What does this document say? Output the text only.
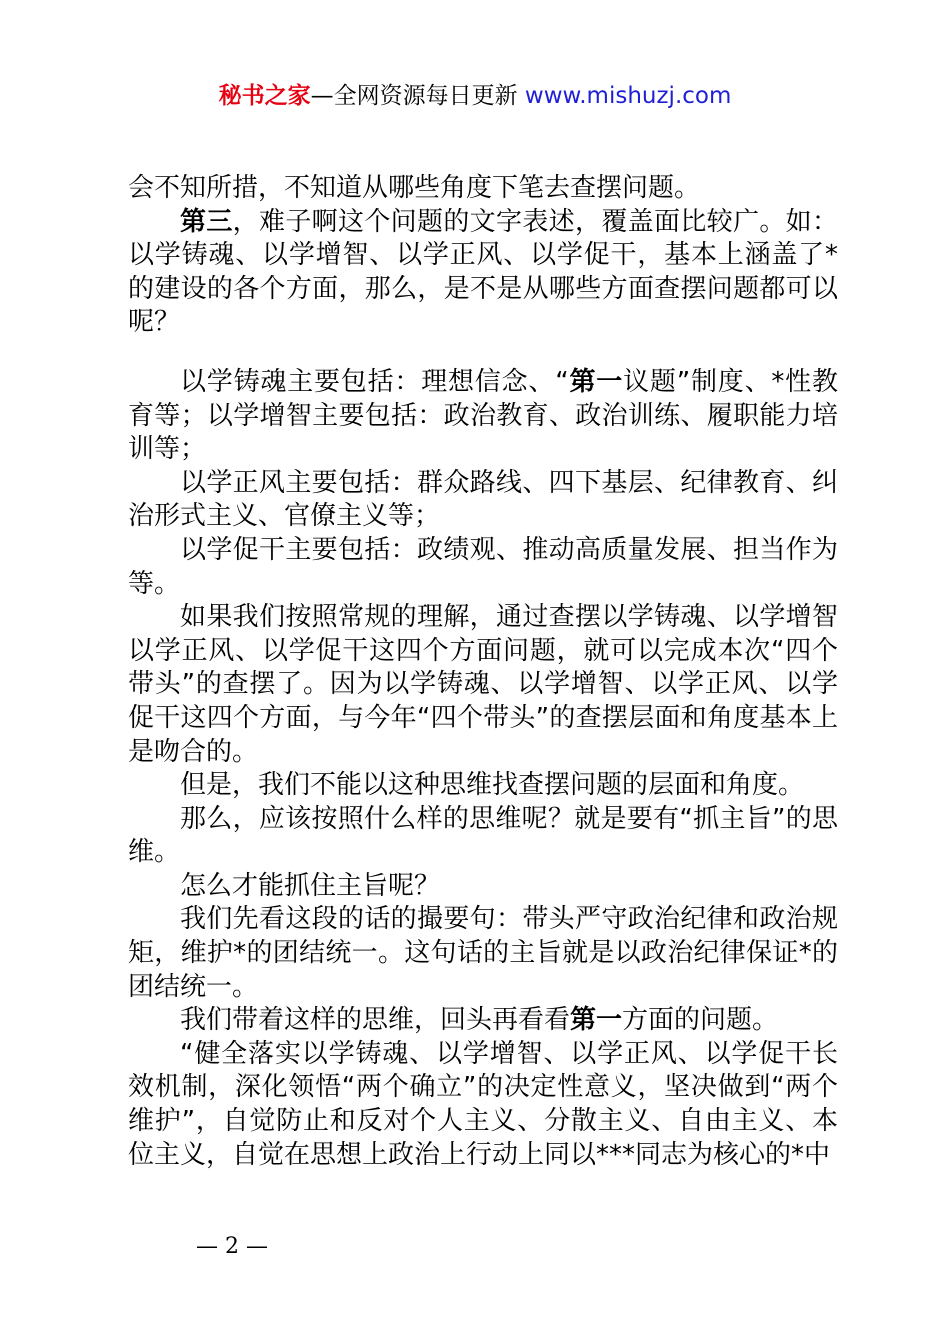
秘书之家—全网资源每日更新 www.mishuzj.com

会不知所措，不知道从哪些角度下笔去查摆问题。

第三，难子啊这个问题的文字表述，覆盖面比较广。如：以学铸魂、以学增智、以学正风、以学促干，基本上涵盖了*的建设的各个方面，那么，是不是从哪些方面查摆问题都可以呢？

以学铸魂主要包括：理想信念、“第一议题”制度、*性教育等；以学增智主要包括：政治教育、政治训练、履职能力培训等；

以学正风主要包括：群众路线、四下基层、纪律教育、纠治形式主义、官僚主义等；

以学促干主要包括：政绩观、推动高质量发展、担当作为等。

如果我们按照常规的理解，通过查摆以学铸魂、以学增智以学正风、以学促干这四个方面问题，就可以完成本次“四个带头”的查摆了。因为以学铸魂、以学增智、以学正风、以学促干这四个方面，与今年“四个带头”的查摆层面和角度基本上是吻合的。

但是，我们不能以这种思维找查摆问题的层面和角度。

那么，应该按照什么样的思维呢？就是要有“抓主旨”的思维。

怎么才能抓住主旨呢？

我们先看这段的话的撮要句：带头严守政治纪律和政治规矩，维护*的团结统一。这句话的主旨就是以政治纪律保证*的团结统一。

我们带着这样的思维，回头再看看第一方面的问题。

“健全落实以学铸魂、以学增智、以学正风、以学促干长效机制，深化领悟“两个确立”的决定性意义，坚决做到“两个维护”，自觉防止和反对个人主义、分散主义、自由主义、本位主义，自觉在思想上政治上行动上同以***同志为核心的*中

— 2 —
